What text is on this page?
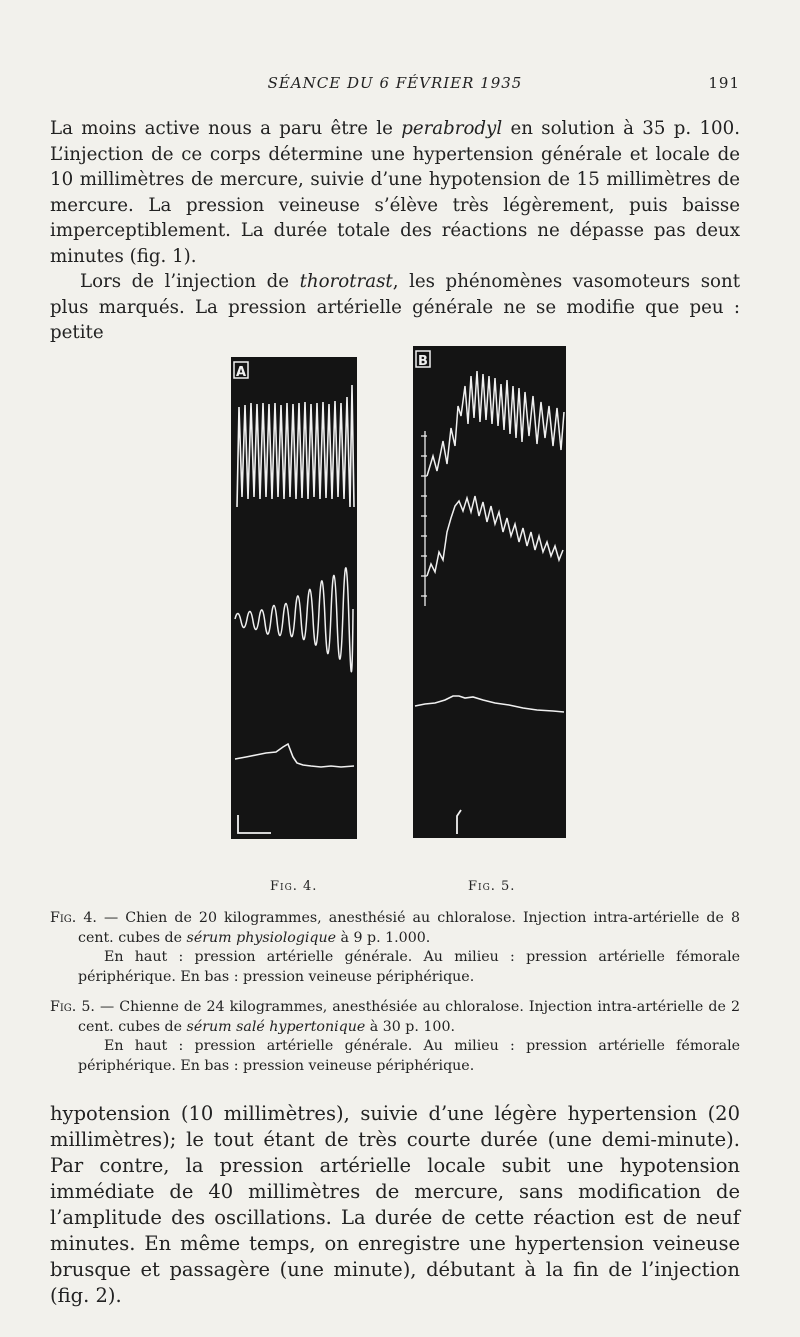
SÉANCE DU 6 FÉVRIER 1935	191

La moins active nous a paru être le perabrodyl en solution à 35 p. 100. L’injection de ce corps détermine une hypertension générale et locale de 10 millimètres de mercure, suivie d’une hypotension de 15 millimètres de mercure. La pression veineuse s’élève très légèrement, puis baisse imperceptiblement. La durée totale des réactions ne dépasse pas deux minutes (fig. 1).

Lors de l’injection de thorotrast, les phénomènes vasomoteurs sont plus marqués. La pression artérielle générale ne se modifie que peu : petite

A
B
Fig. 4.	Fig. 5.

Fig. 4. — Chien de 20 kilogrammes, anesthésié au chloralose. Injection intra-artérielle de 8 cent. cubes de sérum physiologique à 9 p. 1.000.

En haut : pression artérielle générale. Au milieu : pression artérielle fémorale périphérique. En bas : pression veineuse périphérique.

Fig. 5. — Chienne de 24 kilogrammes, anesthésiée au chloralose. Injection intra-artérielle de 2 cent. cubes de sérum salé hypertonique à 30 p. 100.

En haut : pression artérielle générale. Au milieu : pression artérielle fémorale périphérique. En bas : pression veineuse périphérique.

hypotension (10 millimètres), suivie d’une légère hypertension (20 millimètres); le tout étant de très courte durée (une demi-minute). Par contre, la pression artérielle locale subit une hypotension immédiate de 40 millimètres de mercure, sans modification de l’amplitude des oscillations. La durée de cette réaction est de neuf minutes. En même temps, on enregistre une hypertension veineuse brusque et passagère (une minute), débutant à la fin de l’injection (fig. 2).
